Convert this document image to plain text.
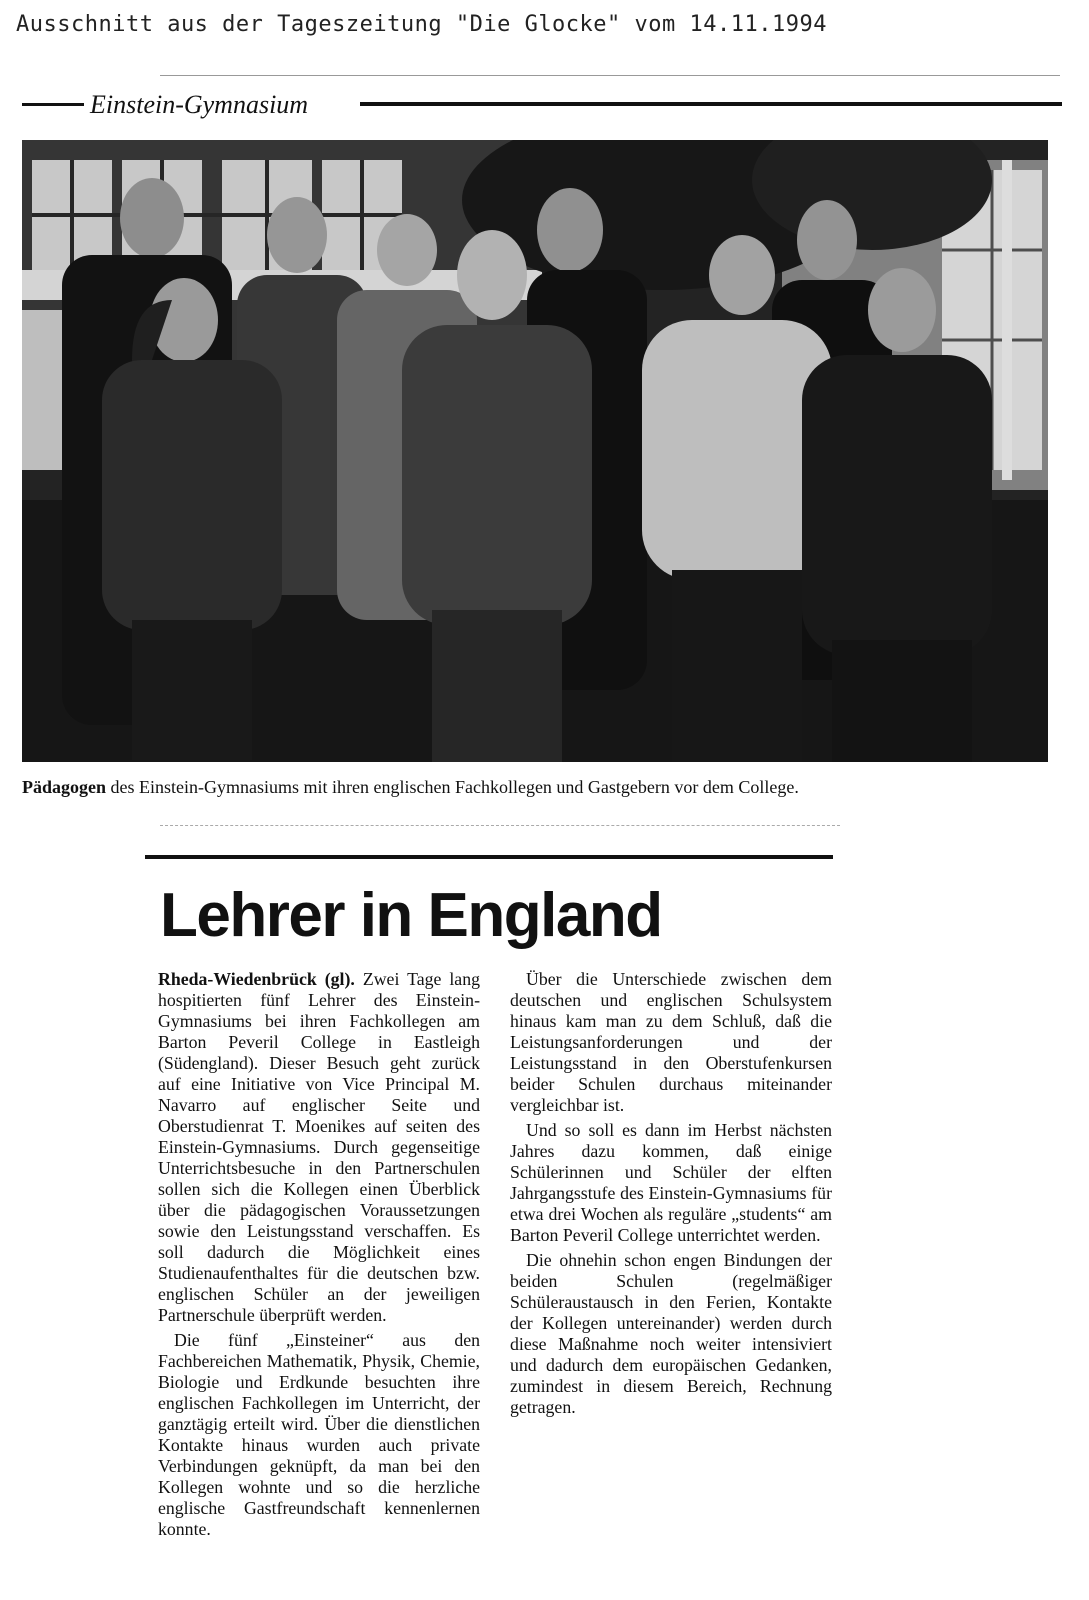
Ausschnitt aus der Tageszeitung "Die Glocke" vom 14.11.1994
Einstein-Gymnasium
Pädagogen des Einstein-Gymnasiums mit ihren englischen Fachkollegen und Gastgebern vor dem College.
Lehrer in England

Rheda-Wiedenbrück (gl). Zwei Tage lang hospitierten fünf Lehrer des Einstein-Gymnasiums bei ihren Fachkollegen am Barton Peveril College in Eastleigh (Südengland). Dieser Besuch geht zurück auf eine Initiative von Vice Principal M. Navarro auf englischer Seite und Oberstudienrat T. Moenikes auf seiten des Einstein-Gymnasiums. Durch gegenseitige Unterrichtsbesuche in den Partnerschulen sollen sich die Kollegen einen Überblick über die pädagogischen Voraussetzungen sowie den Leistungsstand verschaffen. Es soll dadurch die Möglichkeit eines Studienaufenthaltes für die deutschen bzw. englischen Schüler an der jeweiligen Partnerschule überprüft werden.

Die fünf „Einsteiner“ aus den Fachbereichen Mathematik, Physik, Chemie, Biologie und Erdkunde besuchten ihre englischen Fachkollegen im Unterricht, der ganztägig erteilt wird. Über die dienstlichen Kontakte hinaus wurden auch private Verbindungen geknüpft, da man bei den Kollegen wohnte und so die herzliche englische Gastfreundschaft kennenlernen konnte.

Über die Unterschiede zwischen dem deutschen und englischen Schulsystem hinaus kam man zu dem Schluß, daß die Leistungsanforderungen und der Leistungsstand in den Oberstufenkursen beider Schulen durchaus miteinander vergleichbar ist.

Und so soll es dann im Herbst nächsten Jahres dazu kommen, daß einige Schülerinnen und Schüler der elften Jahrgangsstufe des Einstein-Gymnasiums für etwa drei Wochen als reguläre „students“ am Barton Peveril College unterrichtet werden.

Die ohnehin schon engen Bindungen der beiden Schulen (regelmäßiger Schüleraustausch in den Ferien, Kontakte der Kollegen untereinander) werden durch diese Maßnahme noch weiter intensiviert und dadurch dem europäischen Gedanken, zumindest in diesem Bereich, Rechnung getragen.
